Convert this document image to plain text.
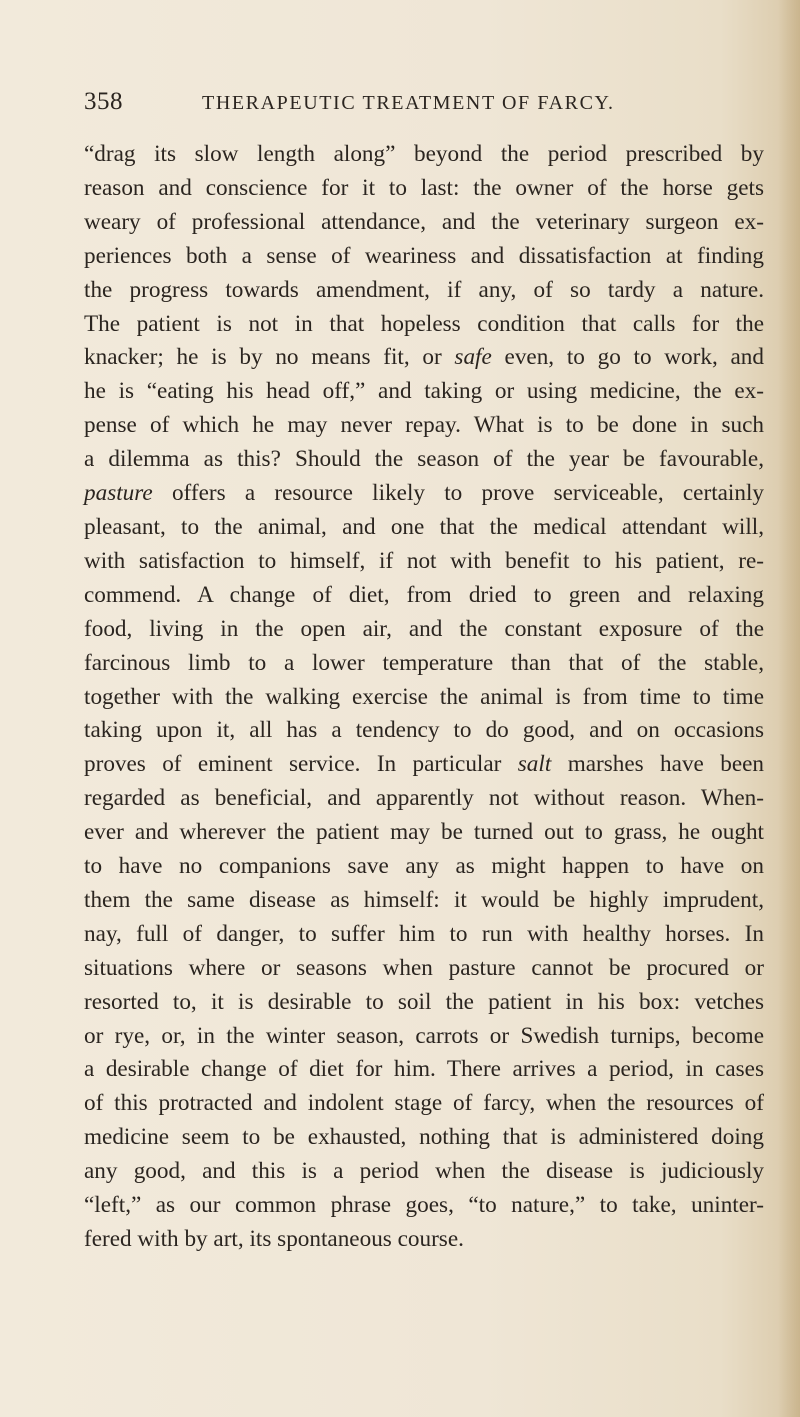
358	THERAPEUTIC TREATMENT OF FARCY.

“drag its slow length along” beyond the period prescribed by
reason and conscience for it to last: the owner of the horse gets
weary of professional attendance, and the veterinary surgeon ex-
periences both a sense of weariness and dissatisfaction at finding
the progress towards amendment, if any, of so tardy a nature.
The patient is not in that hopeless condition that calls for the
knacker; he is by no means fit, or safe even, to go to work, and
he is “eating his head off,” and taking or using medicine, the ex-
pense of which he may never repay. What is to be done in such
a dilemma as this? Should the season of the year be favourable,
pasture offers a resource likely to prove serviceable, certainly
pleasant, to the animal, and one that the medical attendant will,
with satisfaction to himself, if not with benefit to his patient, re-
commend. A change of diet, from dried to green and relaxing
food, living in the open air, and the constant exposure of the
farcinous limb to a lower temperature than that of the stable,
together with the walking exercise the animal is from time to time
taking upon it, all has a tendency to do good, and on occasions
proves of eminent service. In particular salt marshes have been
regarded as beneficial, and apparently not without reason. When-
ever and wherever the patient may be turned out to grass, he ought
to have no companions save any as might happen to have on
them the same disease as himself: it would be highly imprudent,
nay, full of danger, to suffer him to run with healthy horses. In
situations where or seasons when pasture cannot be procured or
resorted to, it is desirable to soil the patient in his box: vetches
or rye, or, in the winter season, carrots or Swedish turnips, become
a desirable change of diet for him. There arrives a period, in cases
of this protracted and indolent stage of farcy, when the resources of
medicine seem to be exhausted, nothing that is administered doing
any good, and this is a period when the disease is judiciously
“left,” as our common phrase goes, “to nature,” to take, uninter-
fered with by art, its spontaneous course.
